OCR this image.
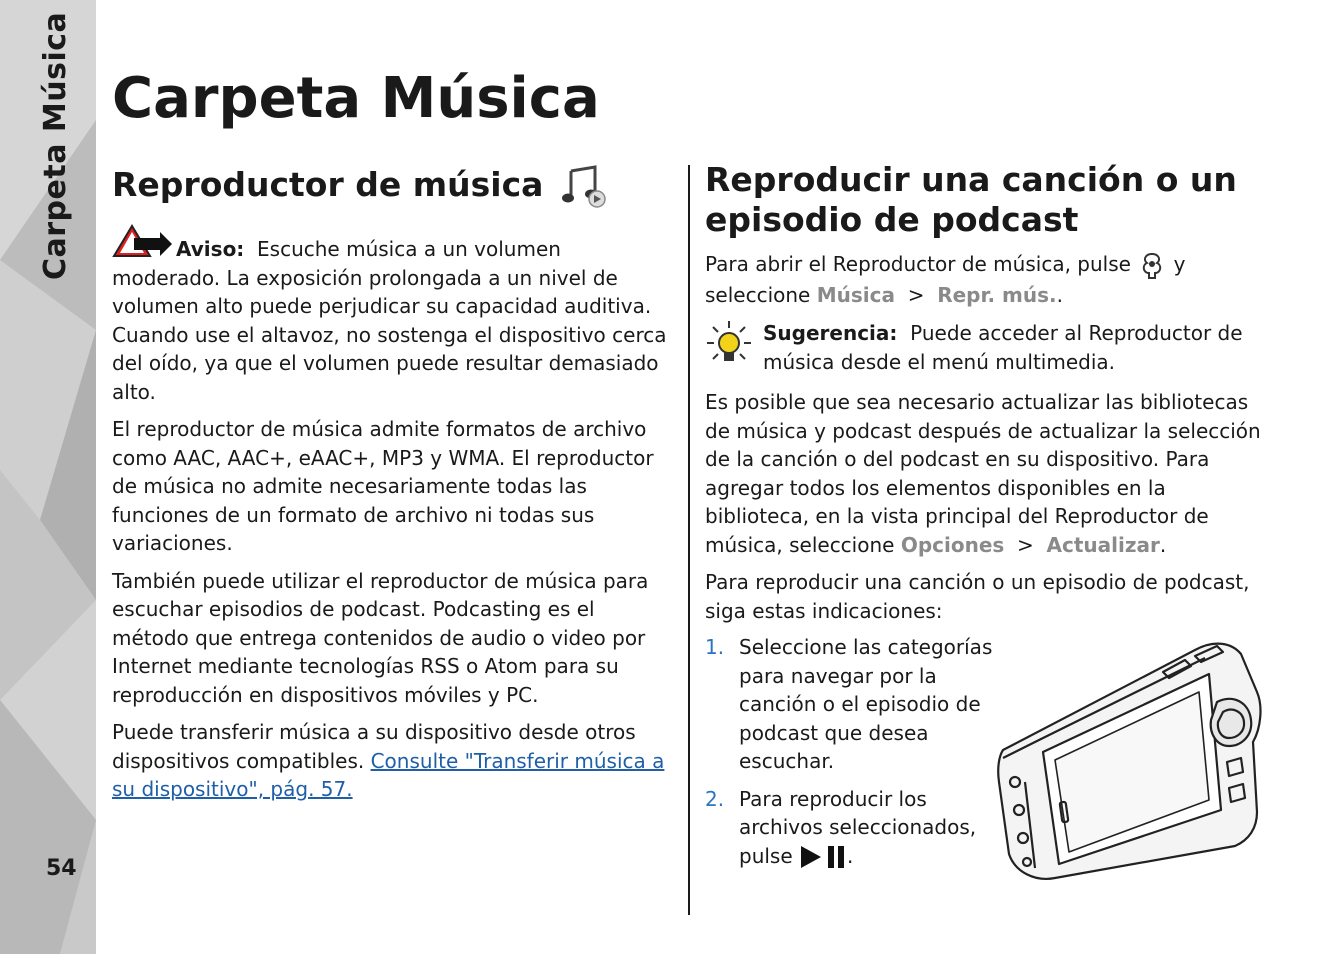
Carpeta Música
54
Carpeta Música
Reproductor de música

Aviso: Escuche música a un volumen moderado. La exposición prolongada a un nivel de volumen alto puede perjudicar su capacidad auditiva. Cuando use el altavoz, no sostenga el dispositivo cerca del oído, ya que el volumen puede resultar demasiado alto.

El reproductor de música admite formatos de archivo como AAC, AAC+, eAAC+, MP3 y WMA. El reproductor de música no admite necesariamente todas las funciones de un formato de archivo ni todas sus variaciones.

También puede utilizar el reproductor de música para escuchar episodios de podcast. Podcasting es el método que entrega contenidos de audio o video por Internet mediante tecnologías RSS o Atom para su reproducción en dispositivos móviles y PC.

Puede transferir música a su dispositivo desde otros dispositivos compatibles. Consulte "Transferir música a su dispositivo", pág. 57.

Reproducir una canción o un episodio de podcast

Para abrir el Reproductor de música, pulse y seleccione Música > Repr. mús..

Sugerencia: Puede acceder al Reproductor de música desde el menú multimedia.

Es posible que sea necesario actualizar las bibliotecas de música y podcast después de actualizar la selección de la canción o del podcast en su dispositivo. Para agregar todos los elementos disponibles en la biblioteca, en la vista principal del Reproductor de música, seleccione Opciones > Actualizar.

Para reproducir una canción o un episodio de podcast, siga estas indicaciones:

1. Seleccione las categorías para navegar por la canción o el episodio de podcast que desea escuchar.
2. Para reproducir los archivos seleccionados, pulse	.
